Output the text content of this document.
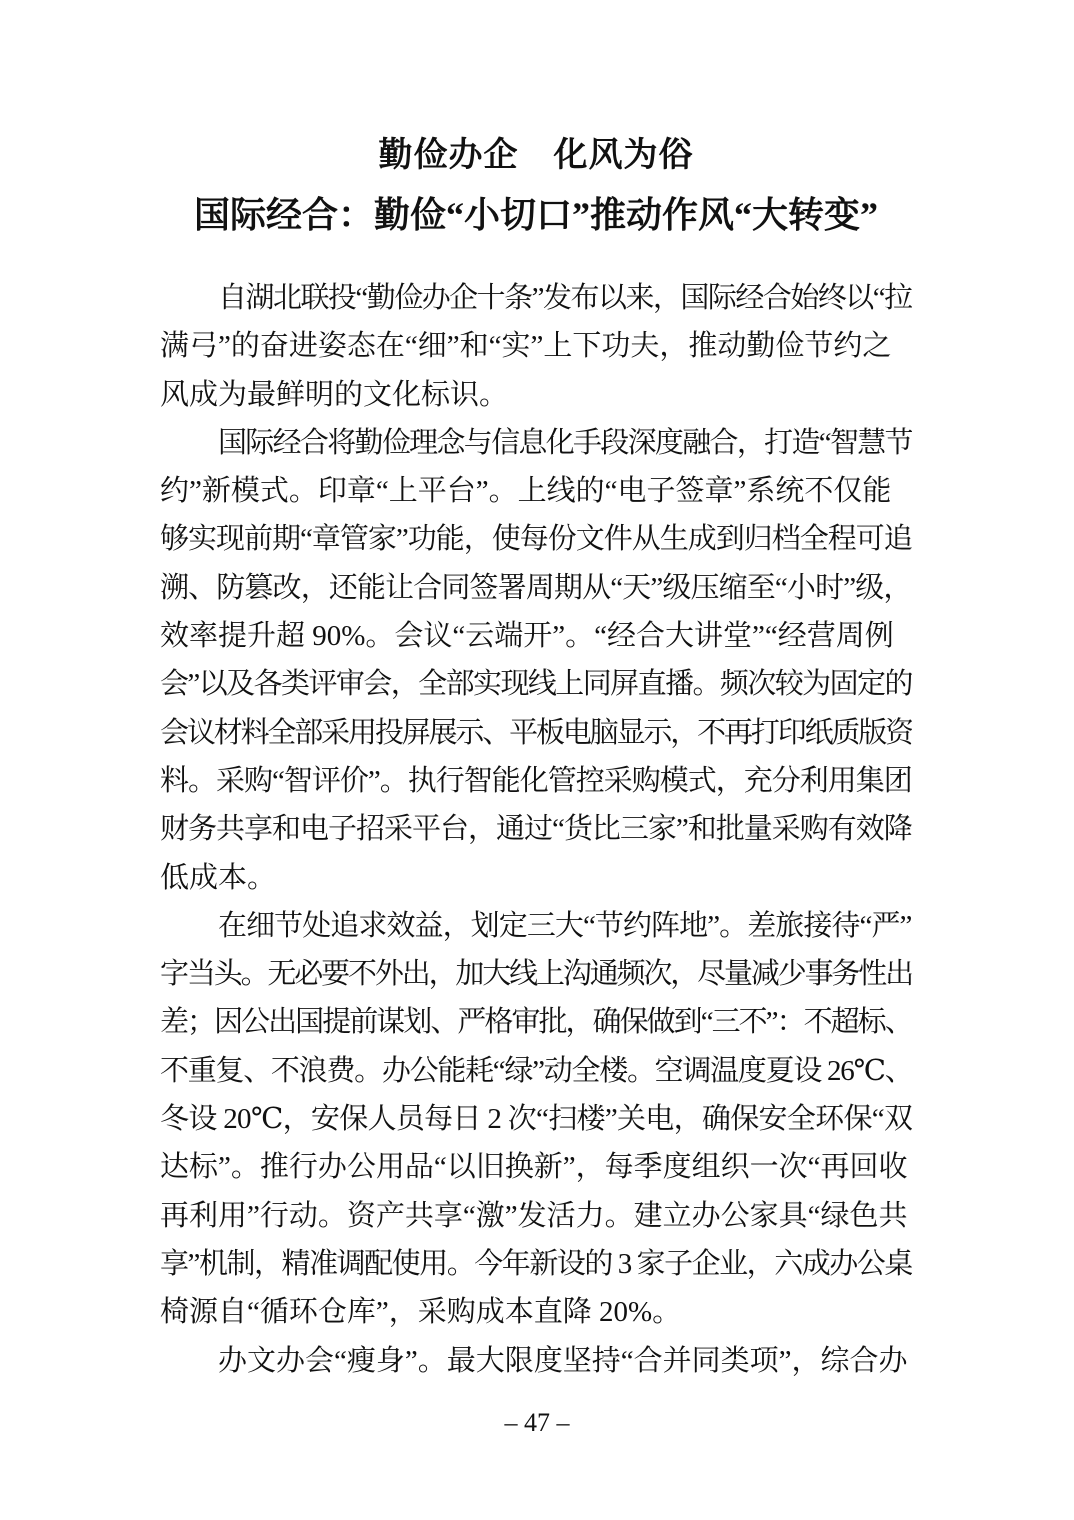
勤俭办企　化风为俗
国际经合：勤俭“小切口”推动作风“大转变”

自湖北联投“勤俭办企十条”发布以来，国际经合始终以“拉
满弓”的奋进姿态在“细”和“实”上下功夫，推动勤俭节约之
风成为最鲜明的文化标识。

国际经合将勤俭理念与信息化手段深度融合，打造“智慧节
约”新模式。印章“上平台”。上线的“电子签章”系统不仅能
够实现前期“章管家”功能，使每份文件从生成到归档全程可追
溯、防篡改，还能让合同签署周期从“天”级压缩至“小时”级，
效率提升超 90%。会议“云端开”。“经合大讲堂”“经营周例
会”以及各类评审会，全部实现线上同屏直播。频次较为固定的
会议材料全部采用投屏展示、平板电脑显示，不再打印纸质版资
料。采购“智评价”。执行智能化管控采购模式，充分利用集团
财务共享和电子招采平台，通过“货比三家”和批量采购有效降
低成本。

在细节处追求效益，划定三大“节约阵地”。差旅接待“严”
字当头。无必要不外出，加大线上沟通频次，尽量减少事务性出
差；因公出国提前谋划、严格审批，确保做到“三不”：不超标、
不重复、不浪费。办公能耗“绿”动全楼。空调温度夏设 26℃、
冬设 20℃，安保人员每日 2 次“扫楼”关电，确保安全环保“双
达标”。推行办公用品“以旧换新”，每季度组织一次“再回收
再利用”行动。资产共享“激”发活力。建立办公家具“绿色共
享”机制，精准调配使用。今年新设的 3 家子企业，六成办公桌
椅源自“循环仓库”，采购成本直降 20%。

办文办会“瘦身”。最大限度坚持“合并同类项”，综合办

– 47 –
